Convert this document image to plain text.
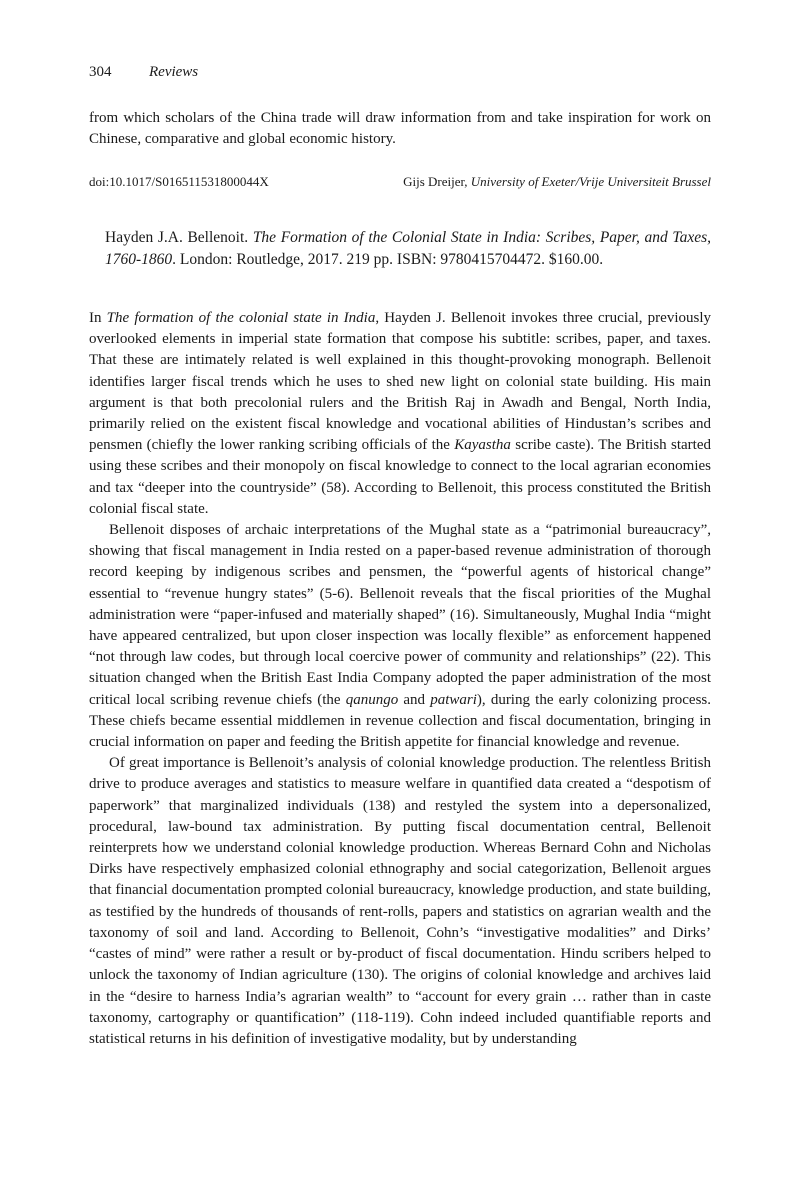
304	Reviews

from which scholars of the China trade will draw information from and take inspiration for work on Chinese, comparative and global economic history.

doi:10.1017/S016511531800044X	Gijs Dreijer, University of Exeter/Vrije Universiteit Brussel
Hayden J.A. Bellenoit. The Formation of the Colonial State in India: Scribes, Paper, and Taxes, 1760-1860. London: Routledge, 2017. 219 pp. ISBN: 9780415704472. $160.00.

In The formation of the colonial state in India, Hayden J. Bellenoit invokes three crucial, previously overlooked elements in imperial state formation that compose his subtitle: scribes, paper, and taxes. That these are intimately related is well explained in this thought-provoking monograph. Bellenoit identifies larger fiscal trends which he uses to shed new light on colonial state building. His main argument is that both precolonial rulers and the British Raj in Awadh and Bengal, North India, primarily relied on the existent fiscal knowledge and vocational abilities of Hindustan’s scribes and pensmen (chiefly the lower ranking scribing officials of the Kayastha scribe caste). The British started using these scribes and their monopoly on fiscal knowledge to connect to the local agrarian economies and tax “deeper into the countryside” (58). According to Bellenoit, this process constituted the British colonial fiscal state.

Bellenoit disposes of archaic interpretations of the Mughal state as a “patrimonial bureaucracy”, showing that fiscal management in India rested on a paper-based revenue administration of thorough record keeping by indigenous scribes and pensmen, the “powerful agents of historical change” essential to “revenue hungry states” (5-6). Bellenoit reveals that the fiscal priorities of the Mughal administration were “paper-infused and materially shaped” (16). Simultaneously, Mughal India “might have appeared centralized, but upon closer inspection was locally flexible” as enforcement happened “not through law codes, but through local coercive power of community and relationships” (22). This situation changed when the British East India Company adopted the paper administration of the most critical local scribing revenue chiefs (the qanungo and patwari), during the early colonizing process. These chiefs became essential middlemen in revenue collection and fiscal documentation, bringing in crucial information on paper and feeding the British appetite for financial knowledge and revenue.

Of great importance is Bellenoit’s analysis of colonial knowledge production. The relentless British drive to produce averages and statistics to measure welfare in quantified data created a “despotism of paperwork” that marginalized individuals (138) and restyled the system into a depersonalized, procedural, law-bound tax administration. By putting fiscal documentation central, Bellenoit reinterprets how we understand colonial knowledge production. Whereas Bernard Cohn and Nicholas Dirks have respectively emphasized colonial ethnography and social categorization, Bellenoit argues that financial documentation prompted colonial bureaucracy, knowledge production, and state building, as testified by the hundreds of thousands of rent-rolls, papers and statistics on agrarian wealth and the taxonomy of soil and land. According to Bellenoit, Cohn’s “investigative modalities” and Dirks’ “castes of mind” were rather a result or by-product of fiscal documentation. Hindu scribers helped to unlock the taxonomy of Indian agriculture (130). The origins of colonial knowledge and archives laid in the “desire to harness India’s agrarian wealth” to “account for every grain … rather than in caste taxonomy, cartography or quantification” (118-119). Cohn indeed included quantifiable reports and statistical returns in his definition of investigative modality, but by understanding
